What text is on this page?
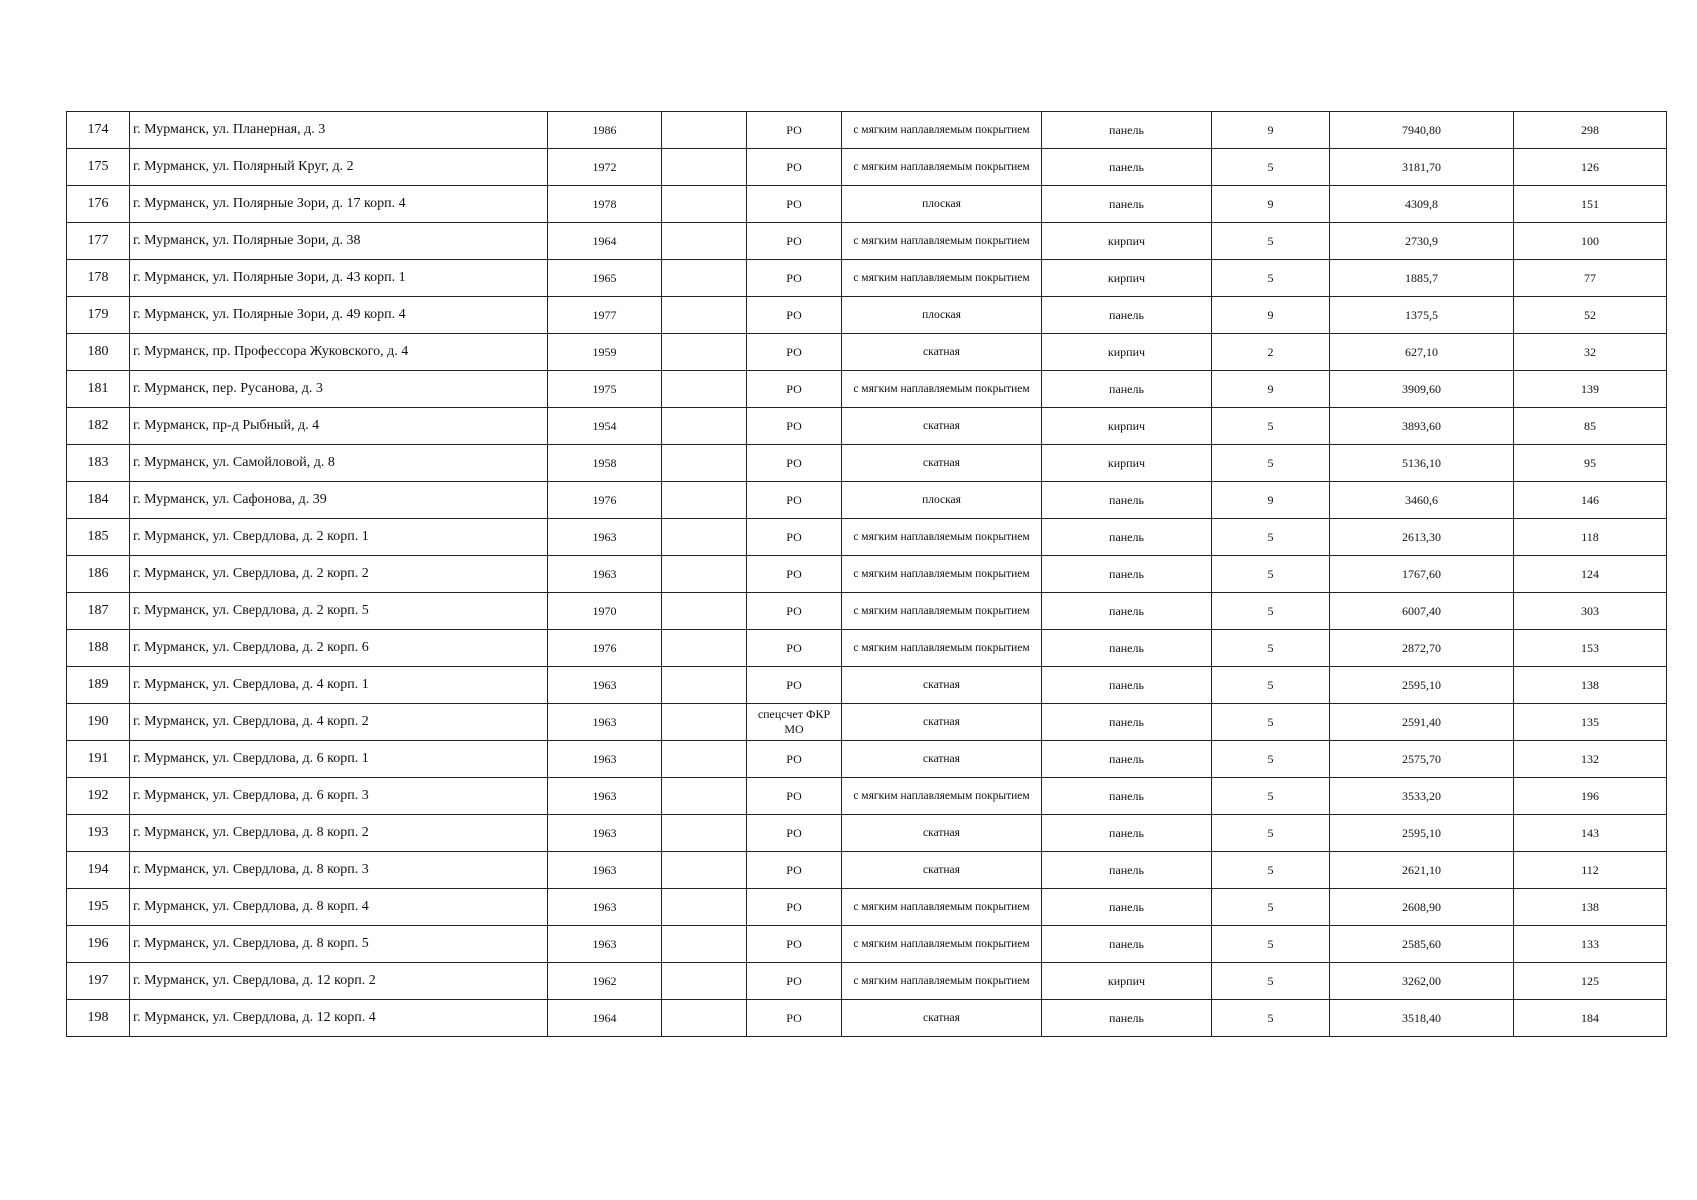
174	г. Мурманск, ул. Планерная, д. 3	1986		РО	с мягким наплавляемым покрытием	панель	9	7940,80	298
175	г. Мурманск, ул. Полярный Круг, д. 2	1972		РО	с мягким наплавляемым покрытием	панель	5	3181,70	126
176	г. Мурманск, ул. Полярные Зори, д. 17 корп. 4	1978		РО	плоская	панель	9	4309,8	151
177	г. Мурманск, ул. Полярные Зори, д. 38	1964		РО	с мягким наплавляемым покрытием	кирпич	5	2730,9	100
178	г. Мурманск, ул. Полярные Зори, д. 43 корп. 1	1965		РО	с мягким наплавляемым покрытием	кирпич	5	1885,7	77
179	г. Мурманск, ул. Полярные Зори, д. 49 корп. 4	1977		РО	плоская	панель	9	1375,5	52
180	г. Мурманск, пр. Профессора Жуковского, д. 4	1959		РО	скатная	кирпич	2	627,10	32
181	г. Мурманск, пер. Русанова, д. 3	1975		РО	с мягким наплавляемым покрытием	панель	9	3909,60	139
182	г. Мурманск, пр-д Рыбный, д. 4	1954		РО	скатная	кирпич	5	3893,60	85
183	г. Мурманск, ул. Самойловой, д. 8	1958		РО	скатная	кирпич	5	5136,10	95
184	г. Мурманск, ул. Сафонова, д. 39	1976		РО	плоская	панель	9	3460,6	146
185	г. Мурманск, ул. Свердлова, д. 2 корп. 1	1963		РО	с мягким наплавляемым покрытием	панель	5	2613,30	118
186	г. Мурманск, ул. Свердлова, д. 2 корп. 2	1963		РО	с мягким наплавляемым покрытием	панель	5	1767,60	124
187	г. Мурманск, ул. Свердлова, д. 2 корп. 5	1970		РО	с мягким наплавляемым покрытием	панель	5	6007,40	303
188	г. Мурманск, ул. Свердлова, д. 2 корп. 6	1976		РО	с мягким наплавляемым покрытием	панель	5	2872,70	153
189	г. Мурманск, ул. Свердлова, д. 4 корп. 1	1963		РО	скатная	панель	5	2595,10	138
190	г. Мурманск, ул. Свердлова, д. 4 корп. 2	1963		спецсчет ФКР МО	скатная	панель	5	2591,40	135
191	г. Мурманск, ул. Свердлова, д. 6 корп. 1	1963		РО	скатная	панель	5	2575,70	132
192	г. Мурманск, ул. Свердлова, д. 6 корп. 3	1963		РО	с мягким наплавляемым покрытием	панель	5	3533,20	196
193	г. Мурманск, ул. Свердлова, д. 8 корп. 2	1963		РО	скатная	панель	5	2595,10	143
194	г. Мурманск, ул. Свердлова, д. 8 корп. 3	1963		РО	скатная	панель	5	2621,10	112
195	г. Мурманск, ул. Свердлова, д. 8 корп. 4	1963		РО	с мягким наплавляемым покрытием	панель	5	2608,90	138
196	г. Мурманск, ул. Свердлова, д. 8 корп. 5	1963		РО	с мягким наплавляемым покрытием	панель	5	2585,60	133
197	г. Мурманск, ул. Свердлова, д. 12 корп. 2	1962		РО	с мягким наплавляемым покрытием	кирпич	5	3262,00	125
198	г. Мурманск, ул. Свердлова, д. 12 корп. 4	1964		РО	скатная	панель	5	3518,40	184
